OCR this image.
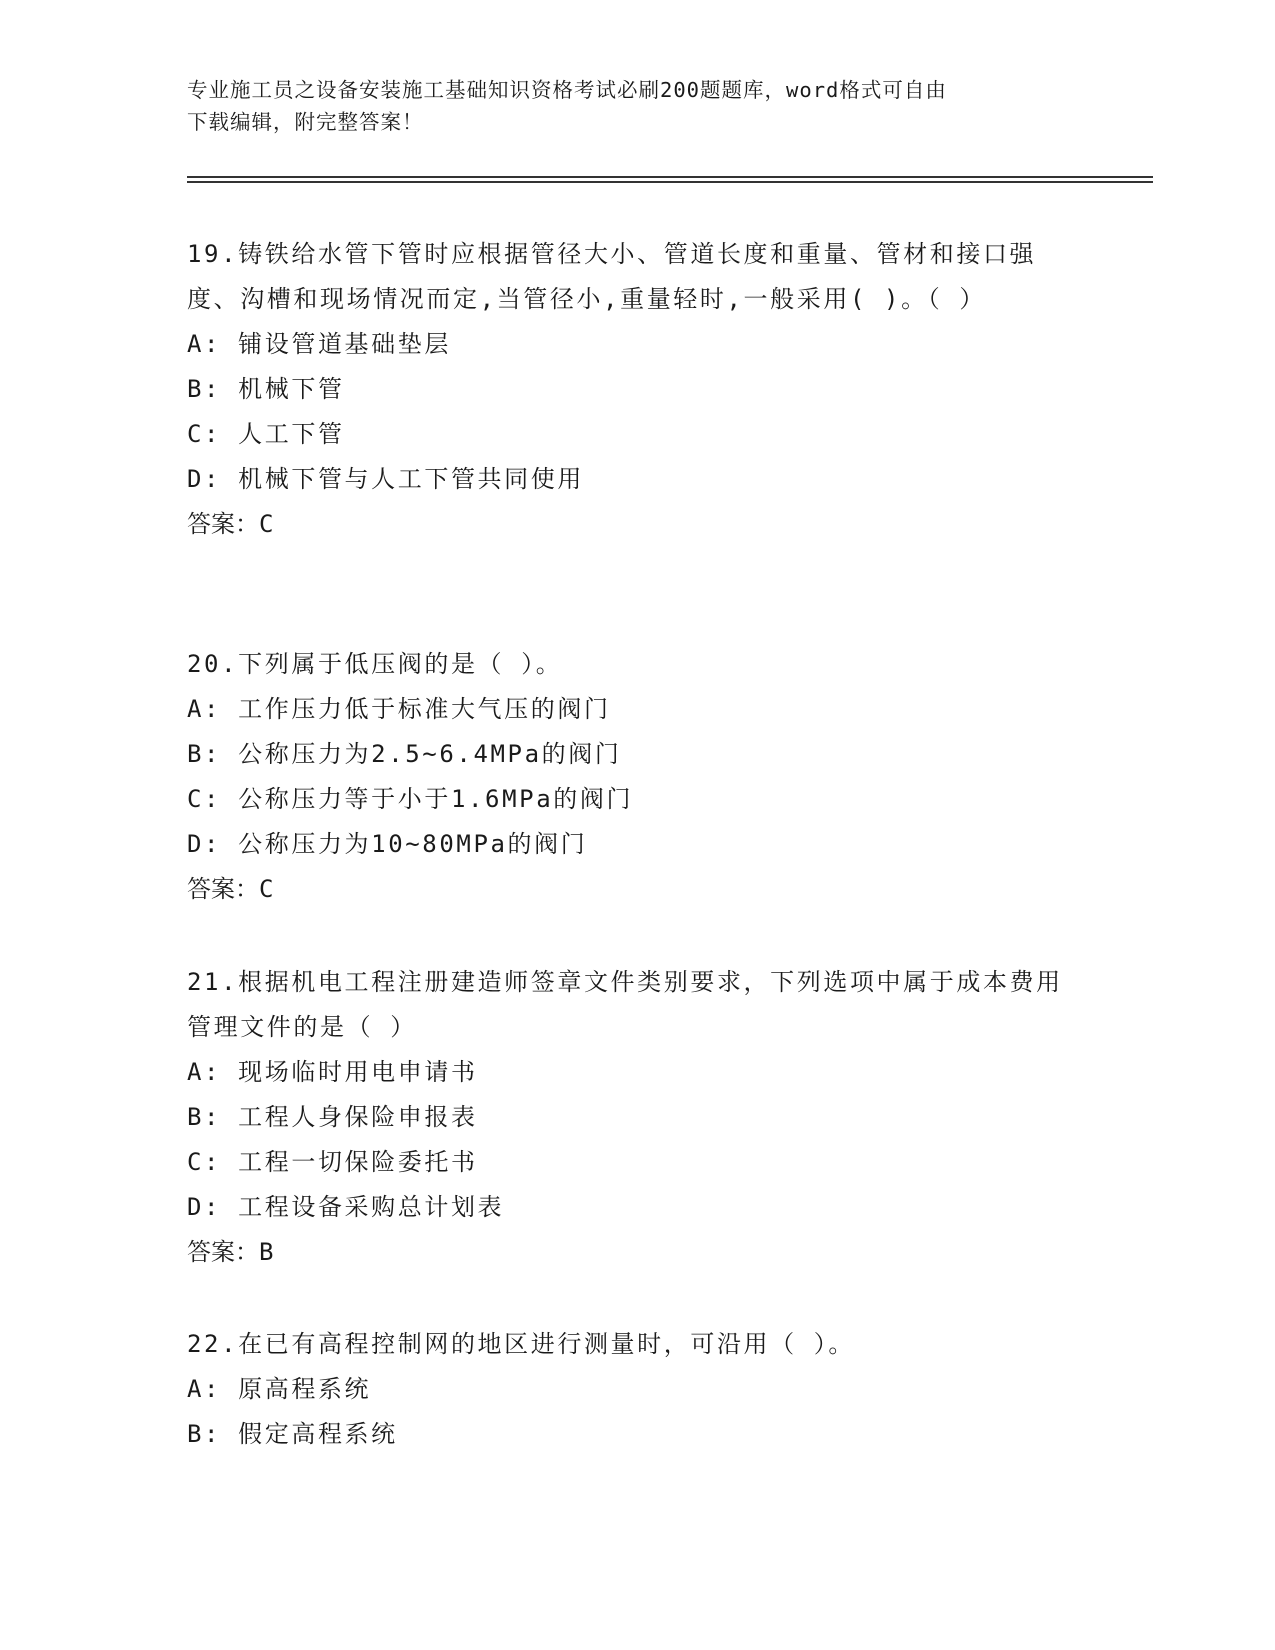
专业施工员之设备安装施工基础知识资格考试必刷200题题库，word格式可自由
下载编辑，附完整答案！

19.铸铁给水管下管时应根据管径大小、管道长度和重量、管材和接口强度、沟槽和现场情况而定,当管径小,重量轻时,一般采用( )。（ ）

A: 铺设管道基础垫层

B: 机械下管

C: 人工下管

D: 机械下管与人工下管共同使用

答案：C

20.下列属于低压阀的是（ ）。

A: 工作压力低于标准大气压的阀门

B: 公称压力为2.5~6.4MPa的阀门

C: 公称压力等于小于1.6MPa的阀门

D: 公称压力为10~80MPa的阀门

答案：C

21.根据机电工程注册建造师签章文件类别要求，下列选项中属于成本费用管理文件的是（ ）

A: 现场临时用电申请书

B: 工程人身保险申报表

C: 工程一切保险委托书

D: 工程设备采购总计划表

答案：B

22.在已有高程控制网的地区进行测量时，可沿用（ ）。

A: 原高程系统

B: 假定高程系统
